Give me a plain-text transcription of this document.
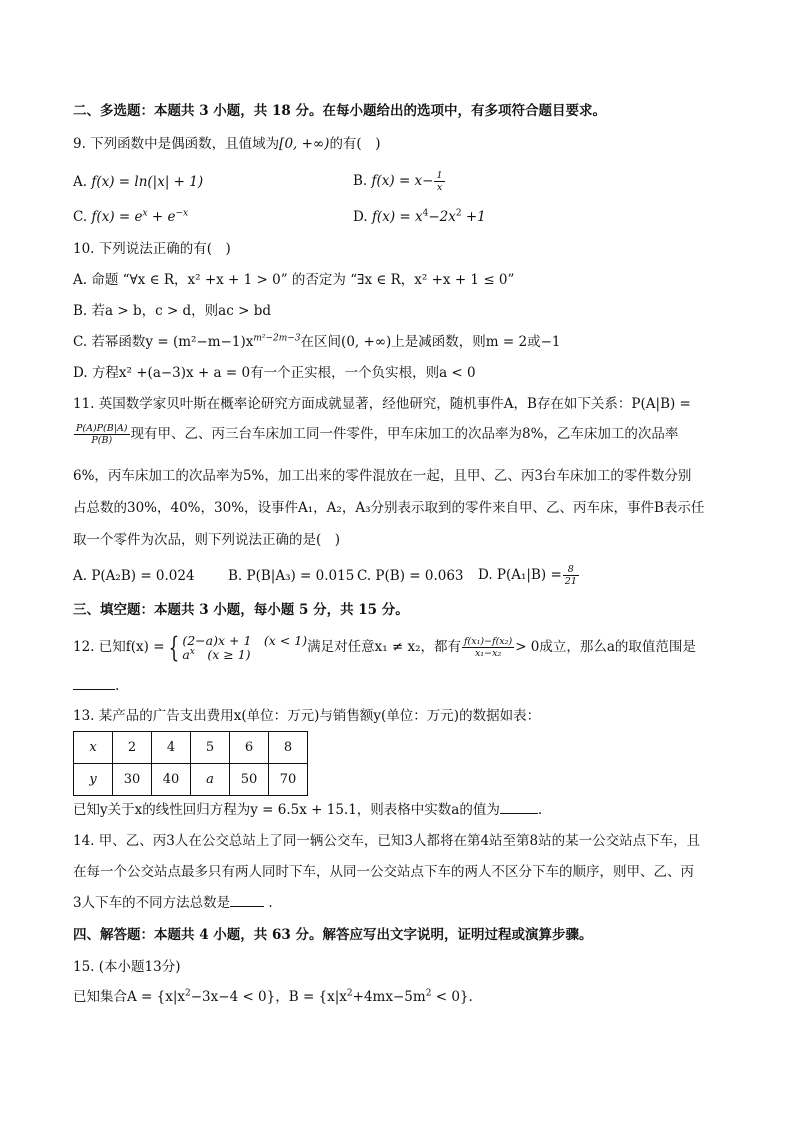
二、多选题：本题共 3 小题，共 18 分。在每小题给出的选项中，有多项符合题目要求。
9. 下列函数中是偶函数，且值域为[0, +∞)的有(　)
A. f(x) = ln(|x| + 1)	B. $f(x) = x- \frac{1}{x}$
C. $f(x) = e^x + e^{-x}$	D. $f(x) = x^4-2x^2 +1$
10. 下列说法正确的有(　)
A. 命题 “∀x ∈ R，x² +x + 1 > 0” 的否定为 “∃x ∈ R，x² +x + 1 ≤ 0”
B. 若a > b，c > d，则ac > bd
C. 若幂函数$y = (m^2-m-1)x^{m^2-2m-3}$在区间(0, +∞)上是减函数，则m = 2或−1
D. 方程x² +(a−3)x + a = 0有一个正实根，一个负实根，则a < 0
11. 英国数学家贝叶斯在概率论研究方面成就显著，经他研究，随机事件A，B存在如下关系：P(A|B) =
$\frac{P(A)P(B|A)}{P(B)}$ 现有甲、乙、丙三台车床加工同一件零件，甲车床加工的次品率为8%，乙车床加工的次品率
6%，丙车床加工的次品率为5%，加工出来的零件混放在一起，且甲、乙、丙3台车床加工的零件数分别
占总数的30%，40%，30%，设事件A₁，A₂，A₃分别表示取到的零件来自甲、乙、丙车床，事件B表示任
取一个零件为次品，则下列说法正确的是(　)
A. P(A₂B) = 0.024 B. P(B|A₃) = 0.015 C. P(B) = 0.063 D. $P(A_1|B) = \frac{8}{21}$
三、填空题：本题共 3 小题，每小题 5 分，共 15 分。
12. 已知f(x) = { (2−a)x + 1　(x < 1)
$a^x$　(x ≥ 1)	满足对任意x₁ ≠ x₂，都有 $\frac{\text{f(x₁)−f(x₂)}}{\text{x₁−x₂}} > 0$成立，那么a的取值范围是
.
13. 某产品的广告支出费用x(单位：万元)与销售额y(单位：万元)的数据如表：
x	2	4	5	6	8
y	30	40	a	50	70
已知y关于x的线性回归方程为y = 6.5x + 15.1，则表格中实数a的值为	.
14. 甲、乙、丙3人在公交总站上了同一辆公交车，已知3人都将在第4站至第8站的某一公交站点下车，且
在每一个公交站点最多只有两人同时下车，从同一公交站点下车的两人不区分下车的顺序，则甲、乙、丙
3人下车的不同方法总数是	.
四、解答题：本题共 4 小题，共 63 分。解答应写出文字说明，证明过程或演算步骤。
15. (本小题13分)
已知集合$A = \{x|x^2-3x-4 < 0\}$，$B = \{x|x^2+4mx-5m^2 < 0\}$.
